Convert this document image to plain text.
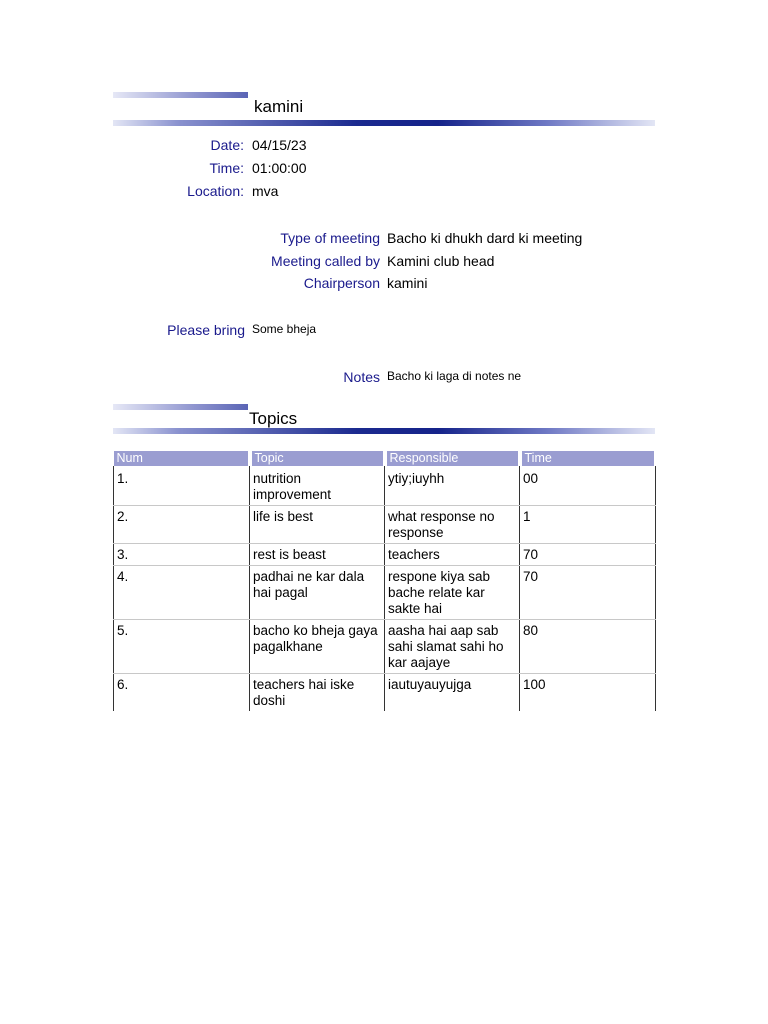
kamini
Date: 04/15/23
Time: 01:00:00
Location: mva
Type of meeting Bacho ki dhukh dard ki meeting
Meeting called by Kamini club head
Chairperson kamini
Please bring Some bheja
Notes Bacho ki laga di notes ne
Topics
Num	Topic	Responsible	Time

1.	nutrition improvement	ytiy;iuyhh	00
2.	life is best	what response no response	1
3.	rest is beast	teachers	70
4.	padhai ne kar dala hai pagal	respone kiya sab bache relate kar sakte hai	70
5.	bacho ko bheja gaya pagalkhane	aasha hai aap sab sahi slamat sahi ho kar aajaye	80
6.	teachers hai iske doshi	iautuyauyujga	100
